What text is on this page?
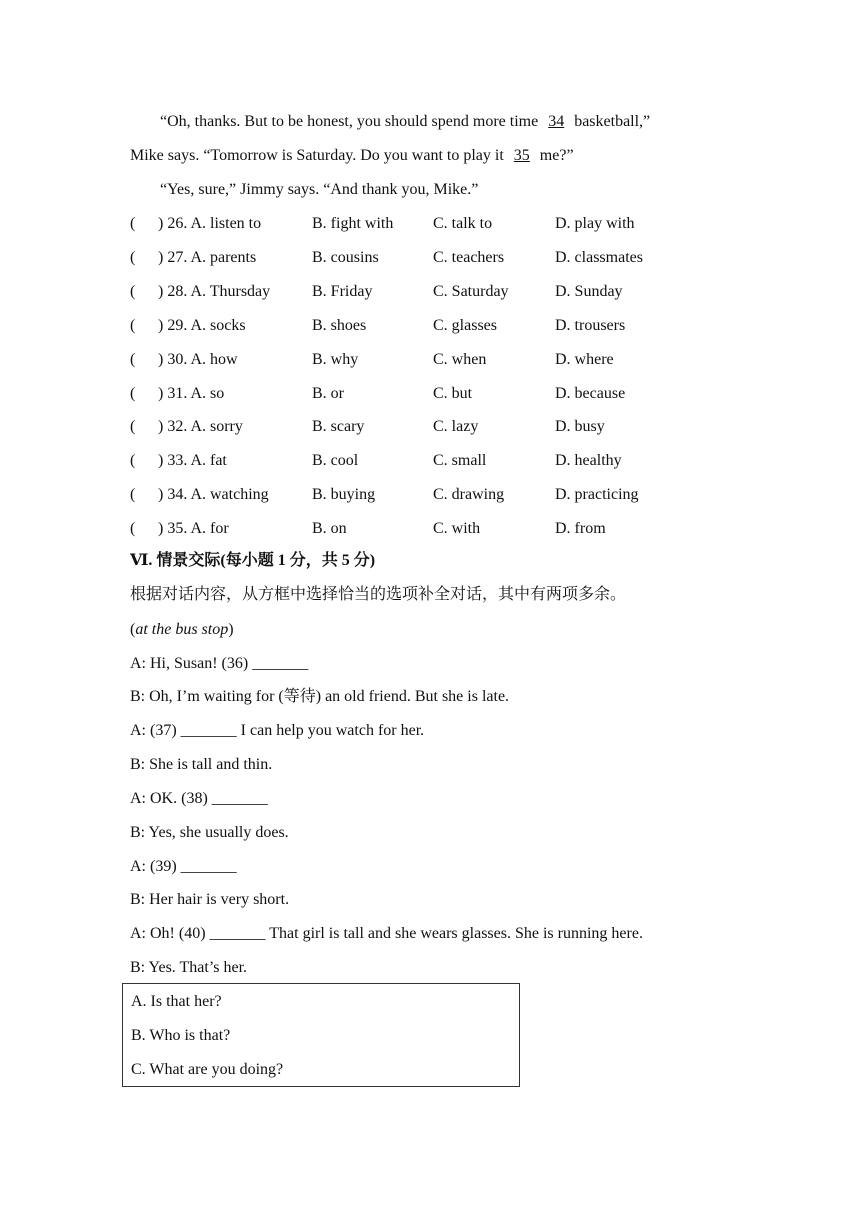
“Oh, thanks. But to be honest, you should spend more time 34 basketball,”
Mike says. “Tomorrow is Saturday. Do you want to play it 35 me?”
“Yes, sure,” Jimmy says. “And thank you, Mike.”
( ) 26. A. listen to	B. fight with C. talk to	D. play with
( ) 27. A. parents	B. cousins	C. teachers	D. classmates
( ) 28. A. Thursday	B. Friday	C. Saturday	D. Sunday
( ) 29. A. socks	B. shoes	C. glasses	D. trousers
( ) 30. A. how	B. why	C. when	D. where
( ) 31. A. so	B. or	C. but	D. because
( ) 32. A. sorry	B. scary	C. lazy	D. busy
( ) 33. A. fat	B. cool	C. small	D. healthy
( ) 34. A. watching	B. buying	C. drawing	D. practicing
( ) 35. A. for	B. on	C. with	D. from
Ⅵ. 情景交际(每小题 1 分，共 5 分)
根据对话内容，从方框中选择恰当的选项补全对话，其中有两项多余。
(at the bus stop)
A: Hi, Susan! (36) _______
B: Oh, I’m waiting for (等待) an old friend. But she is late.
A: (37) _______ I can help you watch for her.
B: She is tall and thin.
A: OK. (38) _______
B: Yes, she usually does.
A: (39) _______
B: Her hair is very short.
A: Oh! (40) _______ That girl is tall and she wears glasses. She is running here.
B: Yes. That’s her.
A. Is that her?
B. Who is that?
C. What are you doing?
